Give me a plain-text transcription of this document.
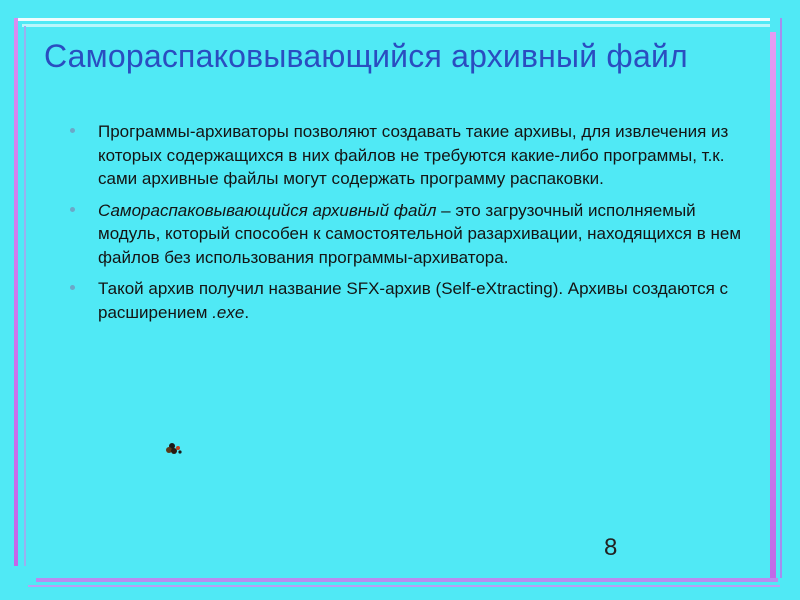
Самораспаковывающийся архивный файл
Программы-архиваторы позволяют создавать такие архивы, для извлечения из которых содержащихся в них файлов не требуются какие-либо программы, т.к. сами архивные файлы могут содержать программу распаковки.
Самораспаковывающийся архивный файл – это загрузочный исполняемый модуль, который способен к самостоятельной разархивации, находящихся в нем файлов без использования программы-архиватора.
Такой архив получил название SFX-архив (Self-eXtracting). Архивы создаются с расширением .exe.
8
